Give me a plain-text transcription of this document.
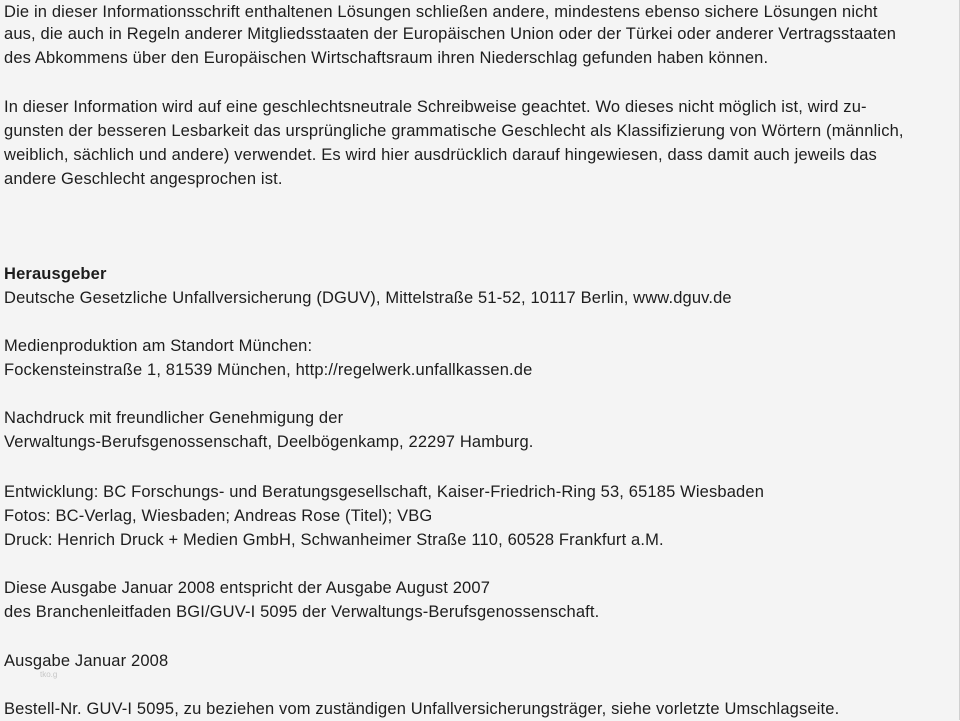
Die in dieser Informationsschrift enthaltenen Lösungen schließen andere, mindestens ebenso sichere Lösungen nicht
aus, die auch in Regeln anderer Mitgliedsstaaten der Europäischen Union oder der Türkei oder anderer Vertragsstaaten
des Abkommens über den Europäischen Wirtschaftsraum ihren Niederschlag gefunden haben können.
In dieser Information wird auf eine geschlechtsneutrale Schreibweise geachtet. Wo dieses nicht möglich ist, wird zu-
gunsten der besseren Lesbarkeit das ursprüngliche grammatische Geschlecht als Klassifizierung von Wörtern (männlich,
weiblich, sächlich und andere) verwendet. Es wird hier ausdrücklich darauf hingewiesen, dass damit auch jeweils das
andere Geschlecht angesprochen ist.
Herausgeber
Deutsche Gesetzliche Unfallversicherung (DGUV), Mittelstraße 51-52, 10117 Berlin, www.dguv.de
Medienproduktion am Standort München:
Fockensteinstraße 1, 81539 München, http://regelwerk.unfallkassen.de
Nachdruck mit freundlicher Genehmigung der
Verwaltungs-Berufsgenossenschaft, Deelbögenkamp, 22297 Hamburg.
Entwicklung: BC Forschungs- und Beratungsgesellschaft, Kaiser-Friedrich-Ring 53, 65185 Wiesbaden
Fotos: BC-Verlag, Wiesbaden; Andreas Rose (Titel); VBG
Druck: Henrich Druck + Medien GmbH, Schwanheimer Straße 110, 60528 Frankfurt a.M.
Diese Ausgabe Januar 2008 entspricht der Ausgabe August 2007
des Branchenleitfaden BGI/GUV-I 5095 der Verwaltungs-Berufsgenossenschaft.
Ausgabe Januar 2008
tko.g
Bestell-Nr. GUV-I 5095, zu beziehen vom zuständigen Unfallversicherungsträger, siehe vorletzte Umschlagseite.
